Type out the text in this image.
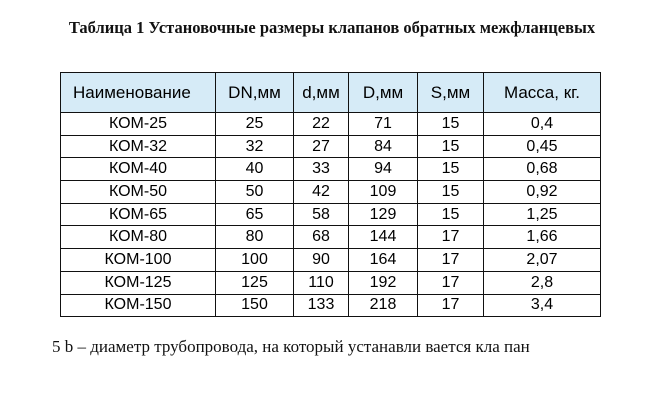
Таблица 1 Установочные размеры клапанов обратных межфланцевых
Наименование	DN,мм	d,мм	D,мм	S,мм	Масса, кг.
КОМ-25	25	22	71	15	0,4
КОМ-32	32	27	84	15	0,45
КОМ-40	40	33	94	15	0,68
КОМ-50	50	42	109	15	0,92
КОМ-65	65	58	129	15	1,25
КОМ-80	80	68	144	17	1,66
КОМ-100	100	90	164	17	2,07
КОМ-125	125	110	192	17	2,8
КОМ-150	150	133	218	17	3,4
5 b – диаметр трубопровода, на который устанавли вается кла пан
